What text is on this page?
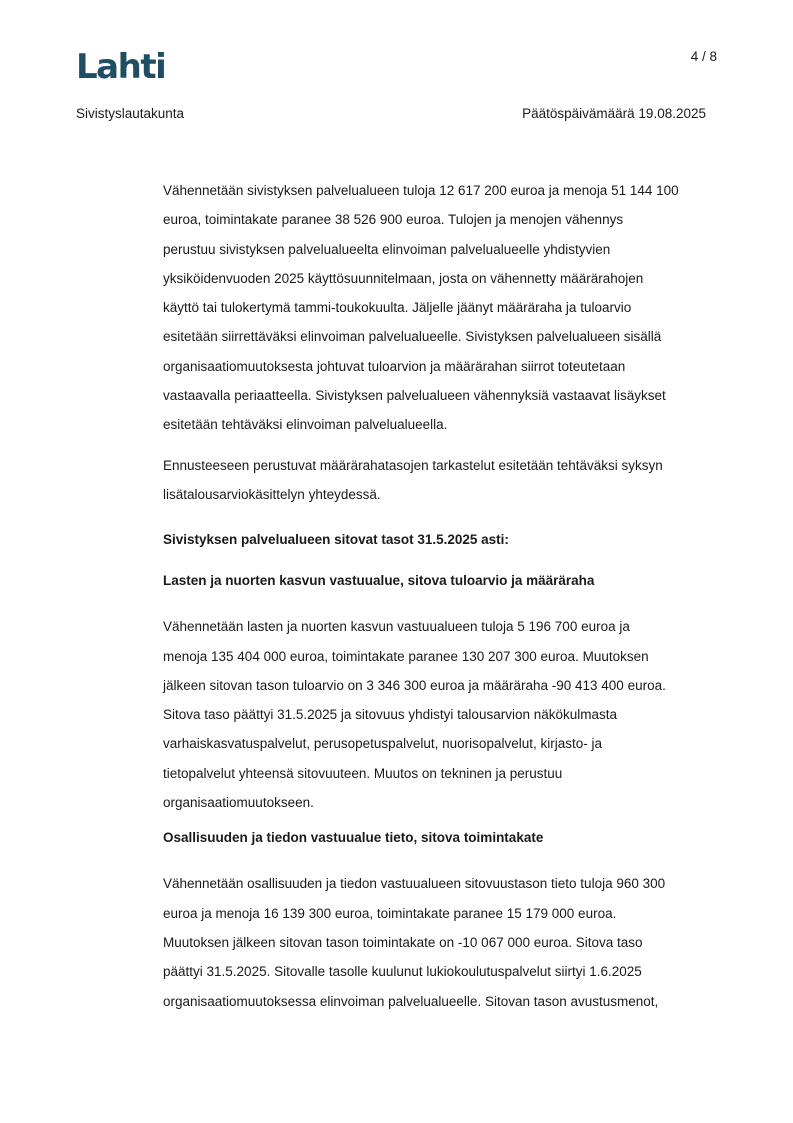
Lahti	4 / 8
Sivistyslautakunta	Päätöspäivämäärä 19.08.2025

Vähennetään sivistyksen palvelualueen tuloja 12 617 200 euroa ja menoja 51 144 100
euroa, toimintakate paranee 38 526 900 euroa. Tulojen ja menojen vähennys
perustuu sivistyksen palvelualueelta elinvoiman palvelualueelle yhdistyvien
yksiköidenvuoden 2025 käyttösuunnitelmaan, josta on vähennetty määrärahojen
käyttö tai tulokertymä tammi-toukokuulta. Jäljelle jäänyt määräraha ja tuloarvio
esitetään siirrettäväksi elinvoiman palvelualueelle. Sivistyksen palvelualueen sisällä
organisaatiomuutoksesta johtuvat tuloarvion ja määrärahan siirrot toteutetaan
vastaavalla periaatteella. Sivistyksen palvelualueen vähennyksiä vastaavat lisäykset
esitetään tehtäväksi elinvoiman palvelualueella.

Ennusteeseen perustuvat määrärahatasojen tarkastelut esitetään tehtäväksi syksyn
lisätalousarviokäsittelyn yhteydessä.

Sivistyksen palvelualueen sitovat tasot 31.5.2025 asti:

Lasten ja nuorten kasvun vastuualue, sitova tuloarvio ja määräraha

Vähennetään lasten ja nuorten kasvun vastuualueen tuloja 5 196 700 euroa ja
menoja 135 404 000 euroa, toimintakate paranee 130 207 300 euroa. Muutoksen
jälkeen sitovan tason tuloarvio on 3 346 300 euroa ja määräraha -90 413 400 euroa.
Sitova taso päättyi 31.5.2025 ja sitovuus yhdistyi talousarvion näkökulmasta
varhaiskasvatuspalvelut, perusopetuspalvelut, nuorisopalvelut, kirjasto- ja
tietopalvelut yhteensä sitovuuteen. Muutos on tekninen ja perustuu
organisaatiomuutokseen.

Osallisuuden ja tiedon vastuualue tieto, sitova toimintakate

Vähennetään osallisuuden ja tiedon vastuualueen sitovuustason tieto tuloja 960 300
euroa ja menoja 16 139 300 euroa, toimintakate paranee 15 179 000 euroa.
Muutoksen jälkeen sitovan tason toimintakate on -10 067 000 euroa. Sitova taso
päättyi 31.5.2025. Sitovalle tasolle kuulunut lukiokoulutuspalvelut siirtyi 1.6.2025
organisaatiomuutoksessa elinvoiman palvelualueelle. Sitovan tason avustusmenot,
